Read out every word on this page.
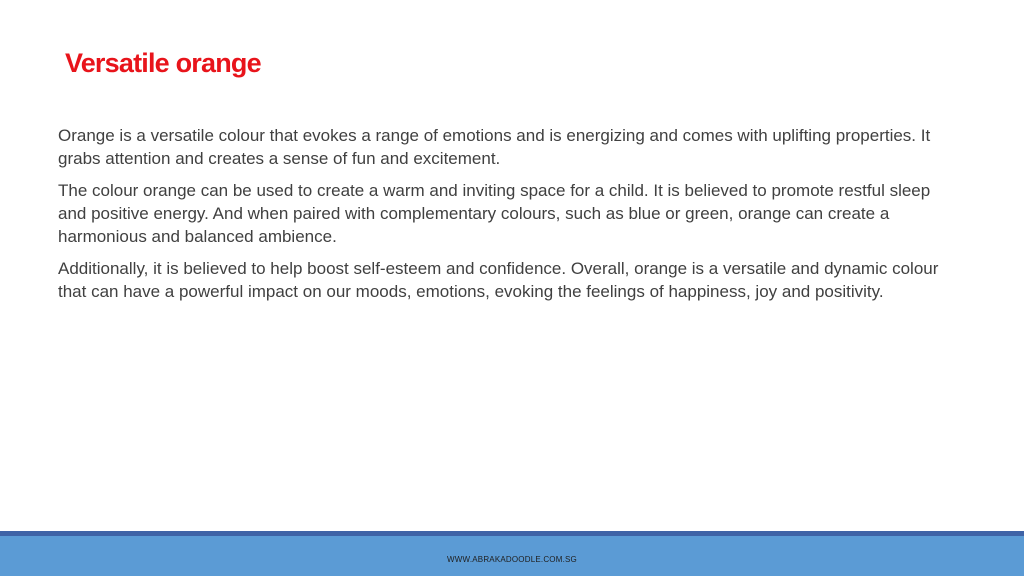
Versatile orange

Orange is a versatile colour that evokes a range of emotions and is energizing and comes with uplifting properties. It grabs attention and creates a sense of fun and excitement.

The colour orange can be used to create a warm and inviting space for a child. It is believed to promote restful sleep and positive energy. And when paired with complementary colours, such as blue or green, orange can create a harmonious and balanced ambience.

Additionally, it is believed to help boost self-esteem and confidence. Overall, orange is a versatile and dynamic colour that can have a powerful impact on our moods, emotions, evoking the feelings of happiness, joy and positivity.

WWW.ABRAKADOODLE.COM.SG
